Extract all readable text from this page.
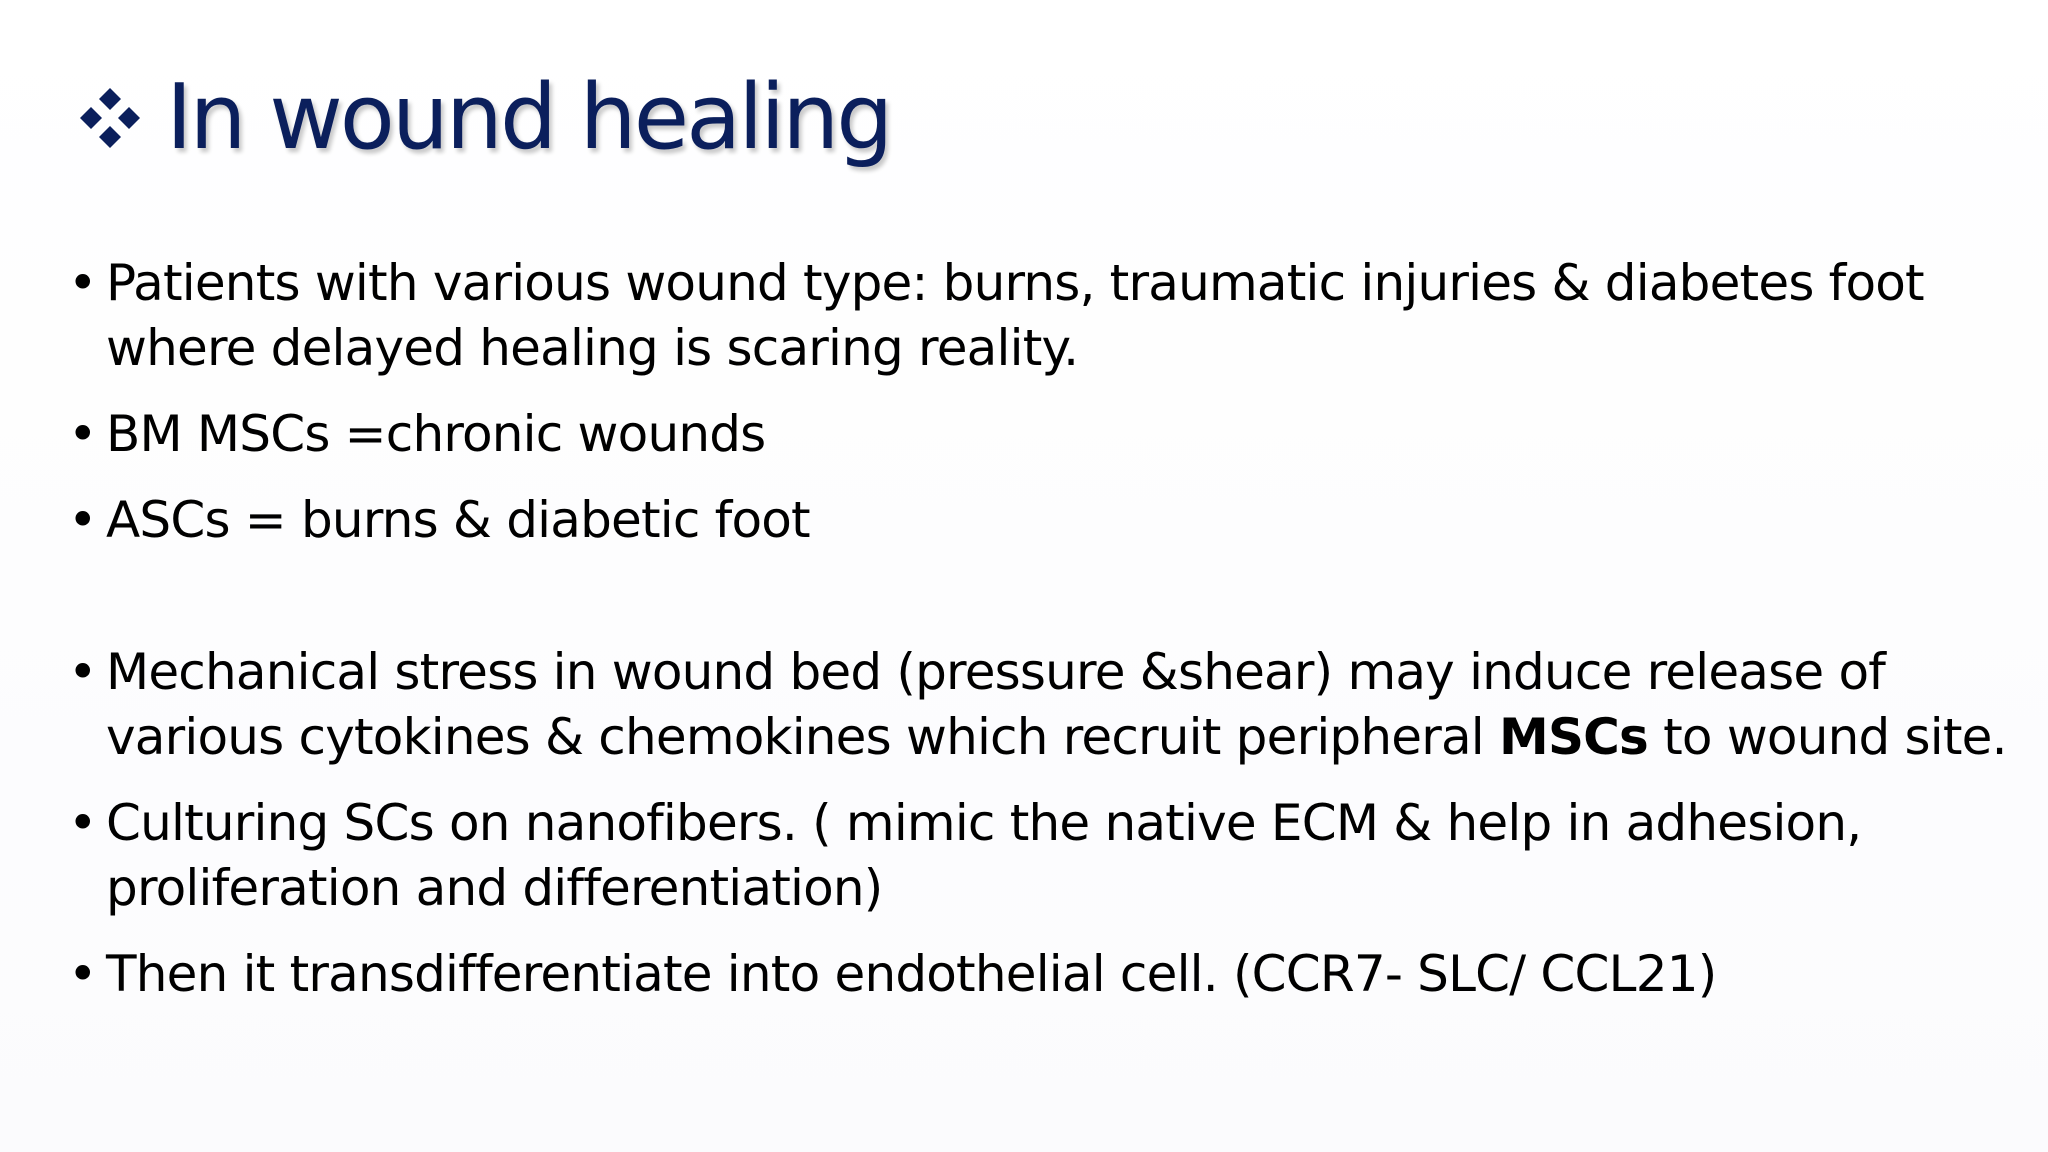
In wound healing
• Patients with various wound type: burns, traumatic injuries & diabetes foot where delayed healing is scaring reality.
• BM MSCs =chronic wounds
• ASCs = burns & diabetic foot
• Mechanical stress in wound bed (pressure &shear) may induce release of various cytokines & chemokines which recruit peripheral MSCs to wound site.
• Culturing SCs on nanofibers. ( mimic the native ECM & help in adhesion, proliferation and differentiation)
• Then it transdifferentiate into endothelial cell. (CCR7- SLC/ CCL21)
